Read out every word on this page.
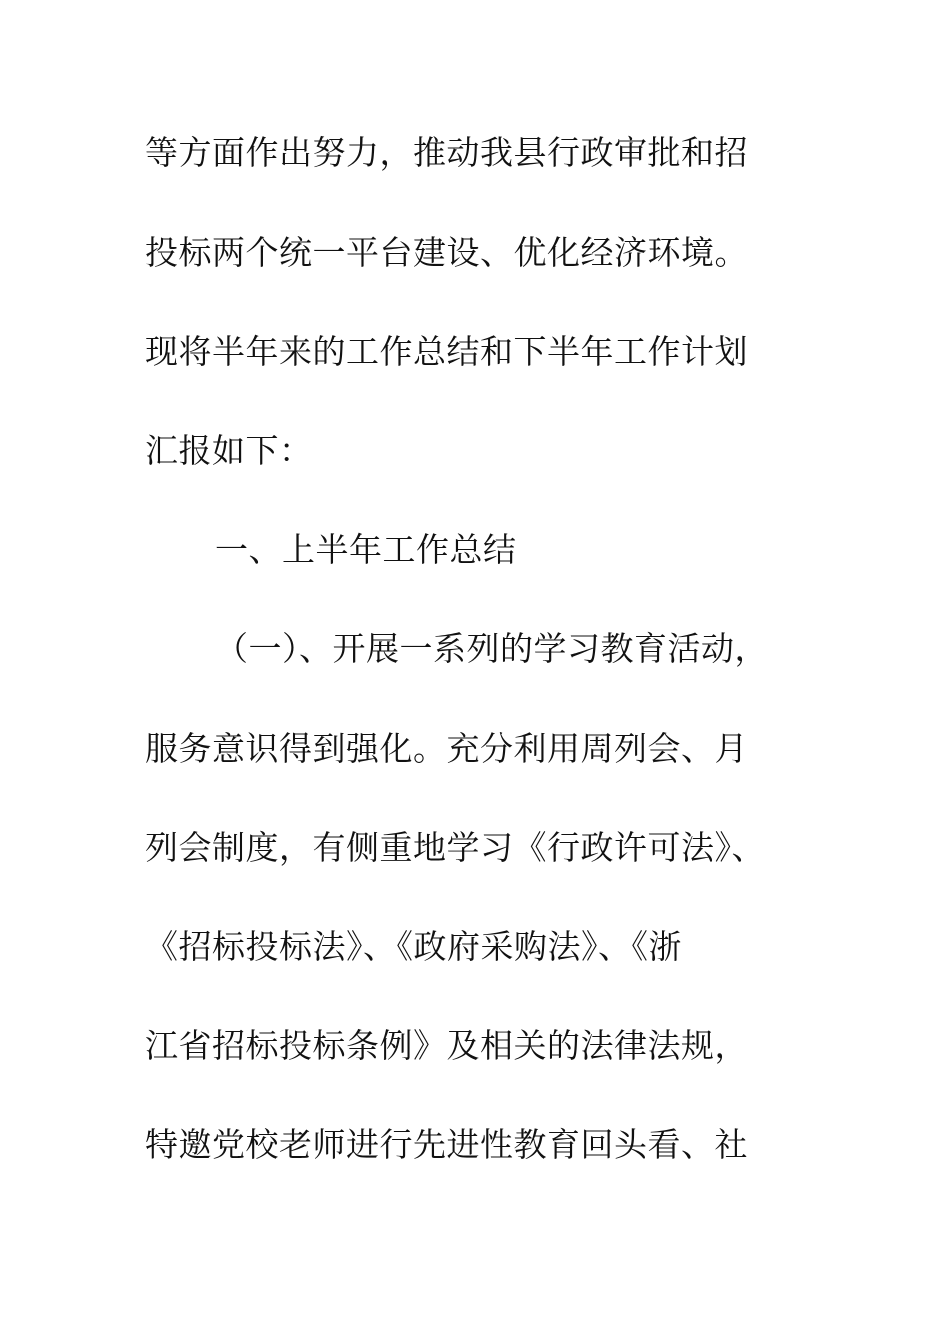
等方面作出努力，推动我县行政审批和招
投标两个统一平台建设、优化经济环境。
现将半年来的工作总结和下半年工作计划
汇报如下：
一、上半年工作总结
（一）、开展一系列的学习教育活动，
服务意识得到强化。充分利用周列会、月
列会制度，有侧重地学习《行政许可法》、
《招标投标法》、《政府采购法》、《浙
江省招标投标条例》及相关的法律法规，
特邀党校老师进行先进性教育回头看、社
